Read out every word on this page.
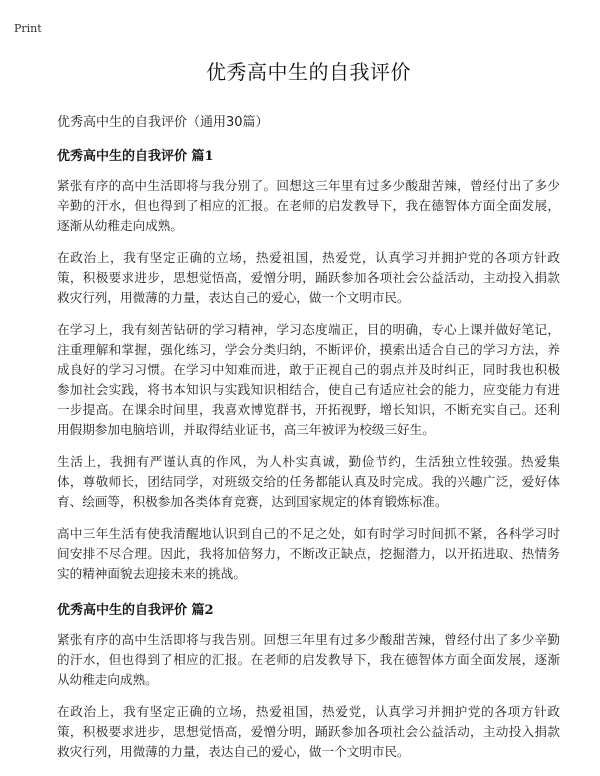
Print
优秀高中生的自我评价

优秀高中生的自我评价（通用30篇）

优秀高中生的自我评价 篇1

紧张有序的高中生活即将与我分别了。回想这三年里有过多少酸甜苦辣，曾经付出了多少辛勤的汗水，但也得到了相应的汇报。在老师的启发教导下，我在德智体方面全面发展，逐渐从幼稚走向成熟。

在政治上，我有坚定正确的立场，热爱祖国，热爱党，认真学习并拥护党的各项方针政策，积极要求进步，思想觉悟高，爱憎分明，踊跃参加各项社会公益活动，主动投入捐款救灾行列，用微薄的力量，表达自己的爱心，做一个文明市民。

在学习上，我有刻苦钻研的学习精神，学习态度端正，目的明确，专心上课并做好笔记，注重理解和掌握，强化练习，学会分类归纳，不断评价，摸索出适合自己的学习方法，养成良好的学习习惯。在学习中知难而进，敢于正视自己的弱点并及时纠正，同时我也积极参加社会实践，将书本知识与实践知识相结合，使自己有适应社会的能力，应变能力有进一步提高。在课余时间里，我喜欢博览群书，开拓视野，增长知识，不断充实自己。还利用假期参加电脑培训，并取得结业证书，高三年被评为校级三好生。

生活上，我拥有严谨认真的作风，为人朴实真诚，勤俭节约，生活独立性较强。热爱集体，尊敬师长，团结同学，对班级交给的任务都能认真及时完成。我的兴趣广泛，爱好体育、绘画等，积极参加各类体育竞赛，达到国家规定的体育锻炼标准。

高中三年生活有使我清醒地认识到自己的不足之处，如有时学习时间抓不紧，各科学习时间安排不尽合理。因此，我将加倍努力，不断改正缺点，挖掘潜力，以开拓进取、热情务实的精神面貌去迎接未来的挑战。

优秀高中生的自我评价 篇2

紧张有序的高中生活即将与我告别。回想三年里有过多少酸甜苦辣，曾经付出了多少辛勤的汗水，但也得到了相应的汇报。在老师的启发教导下，我在德智体方面全面发展，逐渐从幼稚走向成熟。

在政治上，我有坚定正确的立场，热爱祖国，热爱党，认真学习并拥护党的各项方针政策，积极要求进步，思想觉悟高，爱憎分明，踊跃参加各项社会公益活动，主动投入捐款救灾行列，用微薄的力量，表达自己的爱心，做一个文明市民。
